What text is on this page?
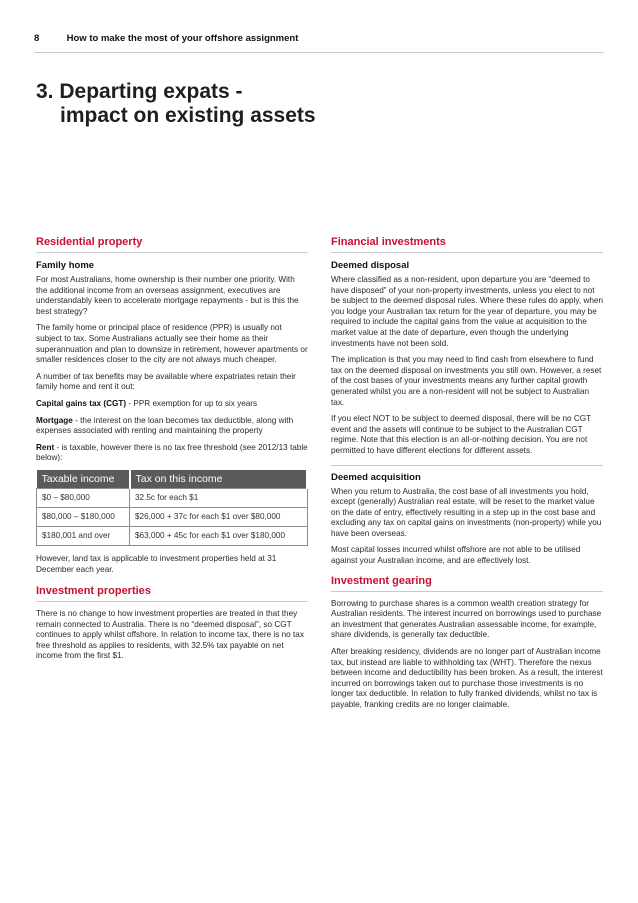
8	How to make the most of your offshore assignment
3. Departing expats -
impact on existing assets
Residential property
Family home

For most Australians, home ownership is their number one priority. With the additional income from an overseas assignment, executives are understandably keen to accelerate mortgage repayments - but is this the best strategy?

The family home or principal place of residence (PPR) is usually not subject to tax. Some Australians actually see their home as their superannuation and plan to downsize in retirement, however apartments or smaller residences closer to the city are not always much cheaper.

A number of tax benefits may be available where expatriates retain their family home and rent it out:

Capital gains tax (CGT) - PPR exemption for up to six years

Mortgage - the interest on the loan becomes tax deductible, along with expenses associated with renting and maintaining the property

Rent - is taxable, however there is no tax free threshold (see 2012/13 table below):

Taxable income	Tax on this income
$0 – $80,000	32.5c for each $1
$80,000 – $180,000	$26,000 + 37c for each $1 over $80,000
$180,001 and over	$63,000 + 45c for each $1 over $180,000

However, land tax is applicable to investment properties held at 31 December each year.

Investment properties

There is no change to how investment properties are treated in that they remain connected to Australia. There is no “deemed disposal”, so CGT continues to apply whilst offshore. In relation to income tax, there is no tax free threshold as applies to residents, with 32.5% tax payable on net income from the first $1.

Financial investments
Deemed disposal

Where classified as a non-resident, upon departure you are “deemed to have disposed” of your non-property investments, unless you elect to not be subject to the deemed disposal rules. Where these rules do apply, when you lodge your Australian tax return for the year of departure, you may be required to include the capital gains from the value at acquisition to the market value at the date of departure, even though the underlying investments have not been sold.

The implication is that you may need to find cash from elsewhere to fund tax on the deemed disposal on investments you still own. However, a reset of the cost bases of your investments means any further capital growth generated whilst you are a non-resident will not be subject to Australian tax.

If you elect NOT to be subject to deemed disposal, there will be no CGT event and the assets will continue to be subject to the Australian CGT regime. Note that this election is an all-or-nothing decision. You are not permitted to have different elections for different assets.

Deemed acquisition

When you return to Australia, the cost base of all investments you hold, except (generally) Australian real estate, will be reset to the market value on the date of entry, effectively resulting in a step up in the cost base and excluding any tax on capital gains on investments (non-property) while you have been overseas.

Most capital losses incurred whilst offshore are not able to be utilised against your Australian income, and are effectively lost.

Investment gearing

Borrowing to purchase shares is a common wealth creation strategy for Australian residents. The interest incurred on borrowings used to purchase an investment that generates Australian assessable income, for example, share dividends, is generally tax deductible.

After breaking residency, dividends are no longer part of Australian income tax, but instead are liable to withholding tax (WHT). Therefore the nexus between income and deductibility has been broken. As a result, the interest incurred on borrowings taken out to purchase those investments is no longer tax deductible. In relation to fully franked dividends, whilst no tax is payable, franking credits are no longer claimable.
